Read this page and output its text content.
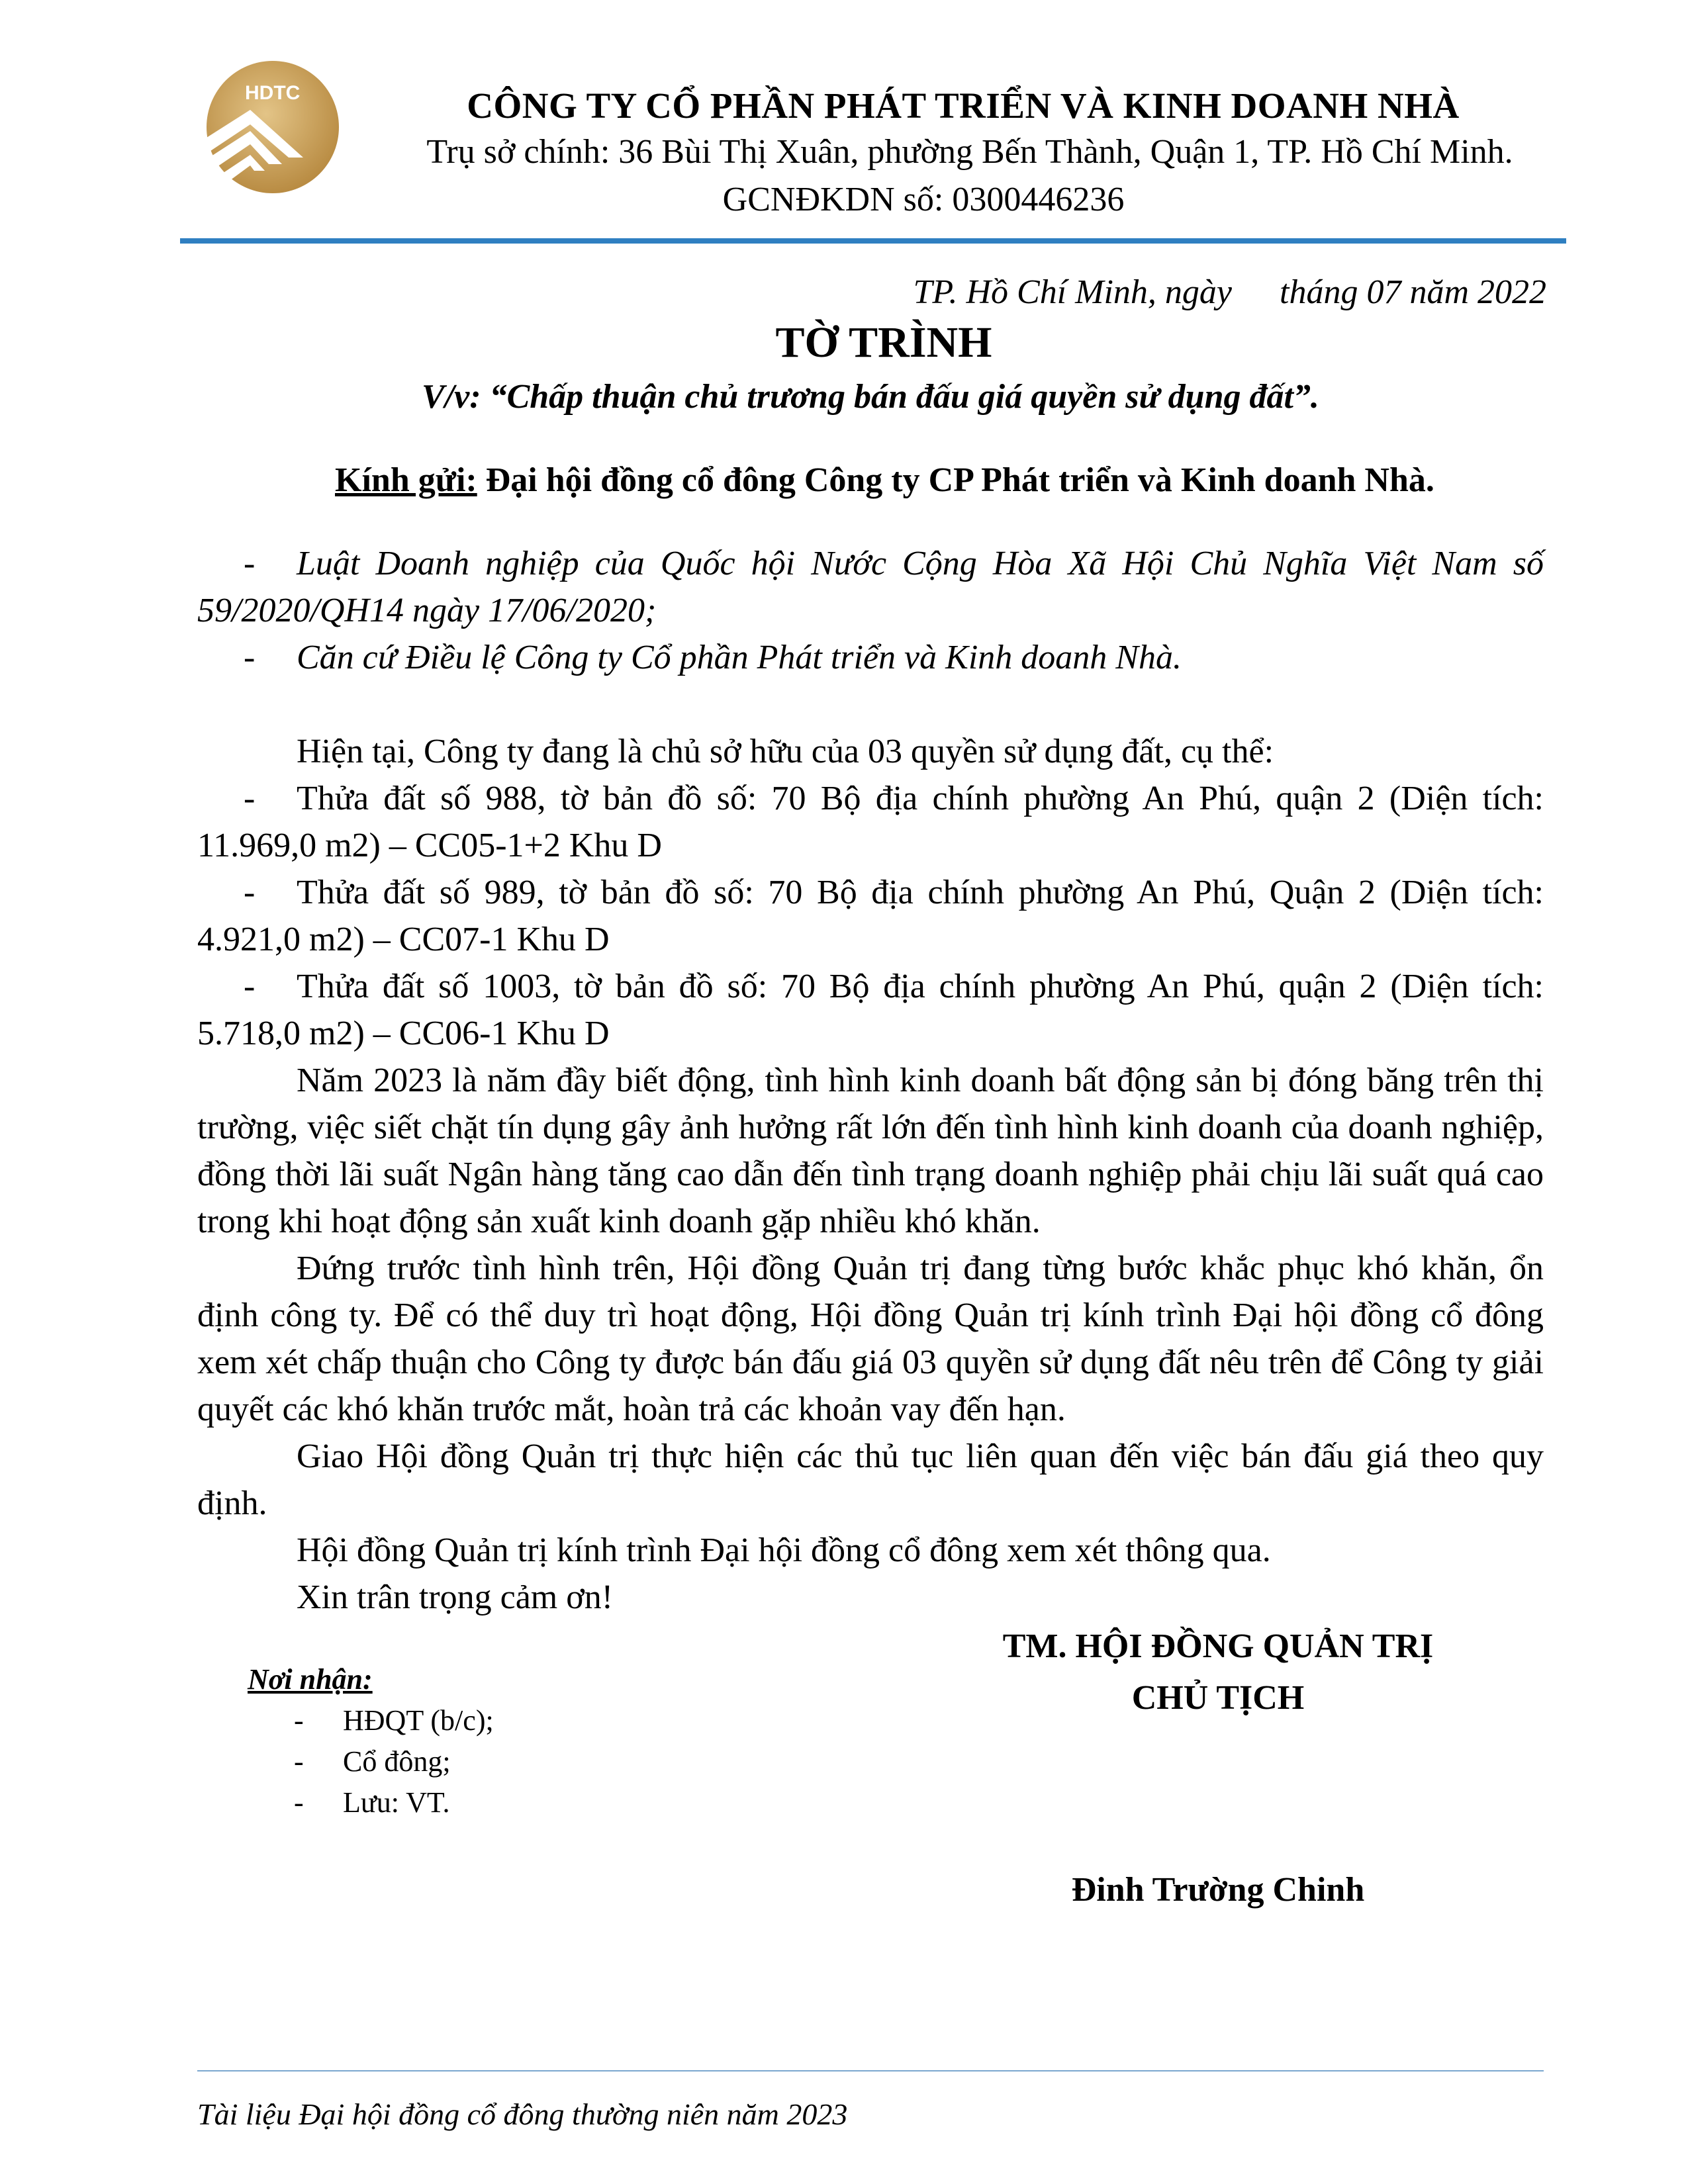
HDTC	CÔNG TY CỔ PHẦN PHÁT TRIỂN VÀ KINH DOANH NHÀ
Trụ sở chính: 36 Bùi Thị Xuân, phường Bến Thành, Quận 1, TP. Hồ Chí Minh.
GCNĐKDN số: 0300446236
TP. Hồ Chí Minh, ngày tháng 07 năm 2022
TỜ TRÌNH
V/v: “Chấp thuận chủ trương bán đấu giá quyền sử dụng đất”.
Kính gửi: Đại hội đồng cổ đông Công ty CP Phát triển và Kinh doanh Nhà.

- Luật Doanh nghiệp của Quốc hội Nước Cộng Hòa Xã Hội Chủ Nghĩa Việt Nam số 59/2020/QH14 ngày 17/06/2020;

- Căn cứ Điều lệ Công ty Cổ phần Phát triển và Kinh doanh Nhà.

Hiện tại, Công ty đang là chủ sở hữu của 03 quyền sử dụng đất, cụ thể:

- Thửa đất số 988, tờ bản đồ số: 70 Bộ địa chính phường An Phú, quận 2 (Diện tích: 11.969,0 m2) – CC05-1+2 Khu D

- Thửa đất số 989, tờ bản đồ số: 70 Bộ địa chính phường An Phú, Quận 2 (Diện tích: 4.921,0 m2) – CC07-1 Khu D

- Thửa đất số 1003, tờ bản đồ số: 70 Bộ địa chính phường An Phú, quận 2 (Diện tích: 5.718,0 m2) – CC06-1 Khu D

Năm 2023 là năm đầy biết động, tình hình kinh doanh bất động sản bị đóng băng trên thị trường, việc siết chặt tín dụng gây ảnh hưởng rất lớn đến tình hình kinh doanh của doanh nghiệp, đồng thời lãi suất Ngân hàng tăng cao dẫn đến tình trạng doanh nghiệp phải chịu lãi suất quá cao trong khi hoạt động sản xuất kinh doanh gặp nhiều khó khăn.

Đứng trước tình hình trên, Hội đồng Quản trị đang từng bước khắc phục khó khăn, ổn định công ty. Để có thể duy trì hoạt động, Hội đồng Quản trị kính trình Đại hội đồng cổ đông xem xét chấp thuận cho Công ty được bán đấu giá 03 quyền sử dụng đất nêu trên để Công ty giải quyết các khó khăn trước mắt, hoàn trả các khoản vay đến hạn.

Giao Hội đồng Quản trị thực hiện các thủ tục liên quan đến việc bán đấu giá theo quy định.

Hội đồng Quản trị kính trình Đại hội đồng cổ đông xem xét thông qua.

Xin trân trọng cảm ơn!

TM. HỘI ĐỒNG QUẢN TRỊ
CHỦ TỊCH
Đinh Trường Chinh
Nơi nhận:
- HĐQT (b/c);
- Cổ đông;
- Lưu: VT.
Tài liệu Đại hội đồng cổ đông thường niên năm 2023
